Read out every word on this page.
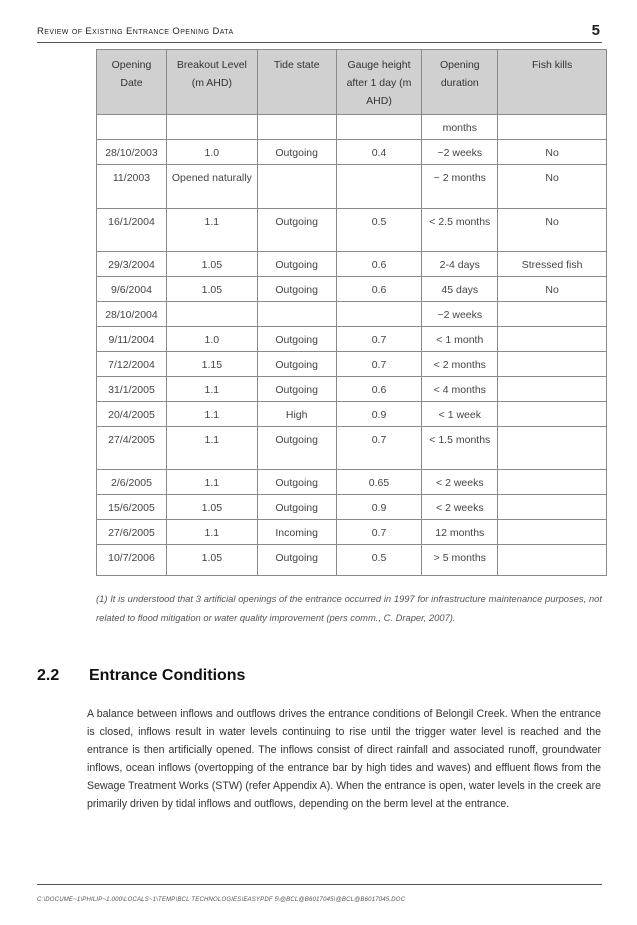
Review of Existing Entrance Opening Data	5
Opening Date	Breakout Level (m AHD)	Tide state	Gauge height after 1 day (m AHD)	Opening duration	Fish kills
				months	
28/10/2003	1.0	Outgoing	0.4	~2 weeks	No
11/2003	Opened naturally			~ 2 months	No
16/1/2004	1.1	Outgoing	0.5	< 2.5 months	No
29/3/2004	1.05	Outgoing	0.6	2-4 days	Stressed fish
9/6/2004	1.05	Outgoing	0.6	45 days	No
28/10/2004				~2 weeks	
9/11/2004	1.0	Outgoing	0.7	< 1 month	
7/12/2004	1.15	Outgoing	0.7	< 2 months	
31/1/2005	1.1	Outgoing	0.6	< 4 months	
20/4/2005	1.1	High	0.9	< 1 week	
27/4/2005	1.1	Outgoing	0.7	< 1.5 months	
2/6/2005	1.1	Outgoing	0.65	< 2 weeks	
15/6/2005	1.05	Outgoing	0.9	< 2 weeks	
27/6/2005	1.1	Incoming	0.7	12 months	
10/7/2006	1.05	Outgoing	0.5	> 5 months	
(1) It is understood that 3 artificial openings of the entrance occurred in 1997 for infrastructure maintenance purposes, not related to flood mitigation or water quality improvement (pers comm., C. Draper, 2007).
2.2 Entrance Conditions
A balance between inflows and outflows drives the entrance conditions of Belongil Creek. When the entrance is closed, inflows result in water levels continuing to rise until the trigger water level is reached and the entrance is then artificially opened. The inflows consist of direct rainfall and associated runoff, groundwater inflows, ocean inflows (overtopping of the entrance bar by high tides and waves) and effluent flows from the Sewage Treatment Works (STW) (refer Appendix A). When the entrance is open, water levels in the creek are primarily driven by tidal inflows and outflows, depending on the berm level at the entrance.
C:\DOCUME~1\PHILIP~1.000\LOCALS~1\TEMP\BCL TECHNOLOGIES\EASYPDF 5\@BCL@B6017045\@BCL@B6017045.DOC
